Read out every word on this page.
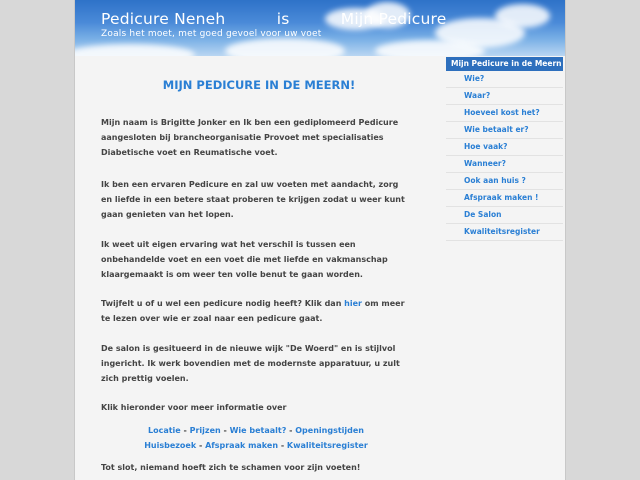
Pedicure Neneh          is          Mijn Pedicure
Zoals het moet, met goed gevoel voor uw voet
MIJN PEDICURE IN DE MEERN!

Mijn naam is Brigitte Jonker en Ik ben een gediplomeerd Pedicure aangesloten bij brancheorganisatie Provoet met specialisaties Diabetische voet en Reumatische voet.

Ik ben een ervaren Pedicure en zal uw voeten met aandacht, zorg en liefde in een betere staat proberen te krijgen zodat u weer kunt gaan genieten van het lopen.

Ik weet uit eigen ervaring wat het verschil is tussen een onbehandelde voet en een voet die met liefde en vakmanschap klaargemaakt is om weer ten volle benut te gaan worden.

Twijfelt u of u wel een pedicure nodig heeft? Klik dan hier om meer te lezen over wie er zoal naar een pedicure gaat.

De salon is gesitueerd in de nieuwe wijk "De Woerd" en is stijlvol ingericht. Ik werk bovendien met de modernste apparatuur, u zult zich prettig voelen.

Klik hieronder voor meer informatie over

Locatie - Prijzen - Wie betaalt? - Openingstijden
Huisbezoek - Afspraak maken - Kwaliteitsregister

Tot slot, niemand hoeft zich te schamen voor zijn voeten!

Mijn Pedicure in de Meern
Wie?
Waar?
Hoeveel kost het?
Wie betaalt er?
Hoe vaak?
Wanneer?
Ook aan huis ?
Afspraak maken !
De Salon
Kwaliteitsregister
